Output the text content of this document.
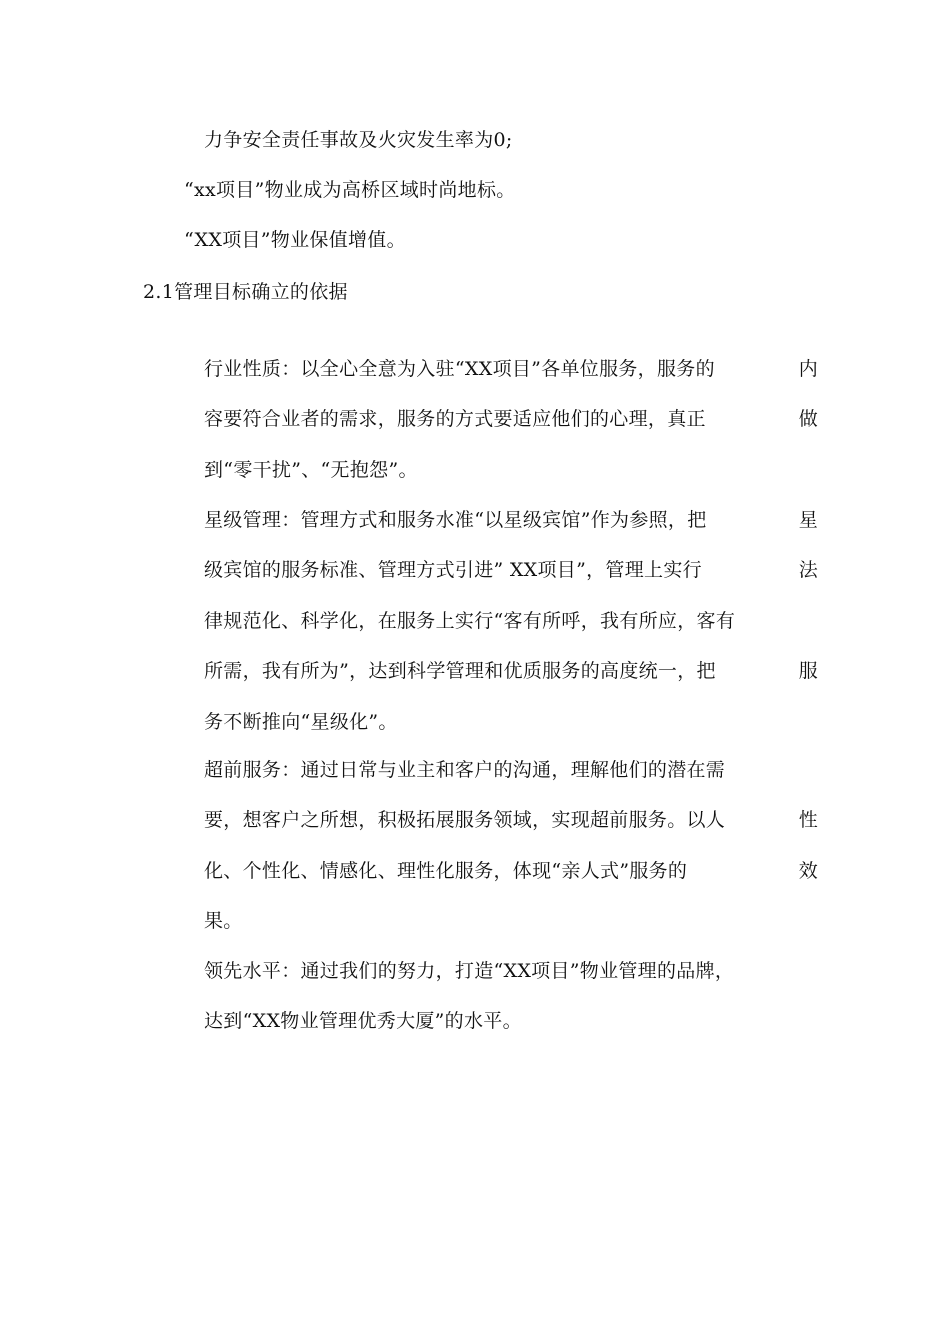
力争安全责任事故及火灾发生率为0;
“xx项目”物业成为高桥区域时尚地标。
“XX项目”物业保值增值。
2.1管理目标确立的依据
行业性质：以全心全意为入驻“XX项目”各单位服务，服务的	内
容要符合业者的需求，服务的方式要适应他们的心理，真正	做
到“零干扰”、“无抱怨”。
星级管理：管理方式和服务水准“以星级宾馆”作为参照，把	星
级宾馆的服务标准、管理方式引进” XX项目”，管理上实行	法
律规范化、科学化，在服务上实行“客有所呼，我有所应，客有
所需，我有所为”，达到科学管理和优质服务的高度统一，把	服
务不断推向“星级化”。
超前服务：通过日常与业主和客户的沟通，理解他们的潜在需
要，想客户之所想，积极拓展服务领域，实现超前服务。以人	性
化、个性化、情感化、理性化服务，体现“亲人式”服务的	效
果。
领先水平：通过我们的努力，打造“XX项目”物业管理的品牌，
达到“XX物业管理优秀大厦”的水平。
